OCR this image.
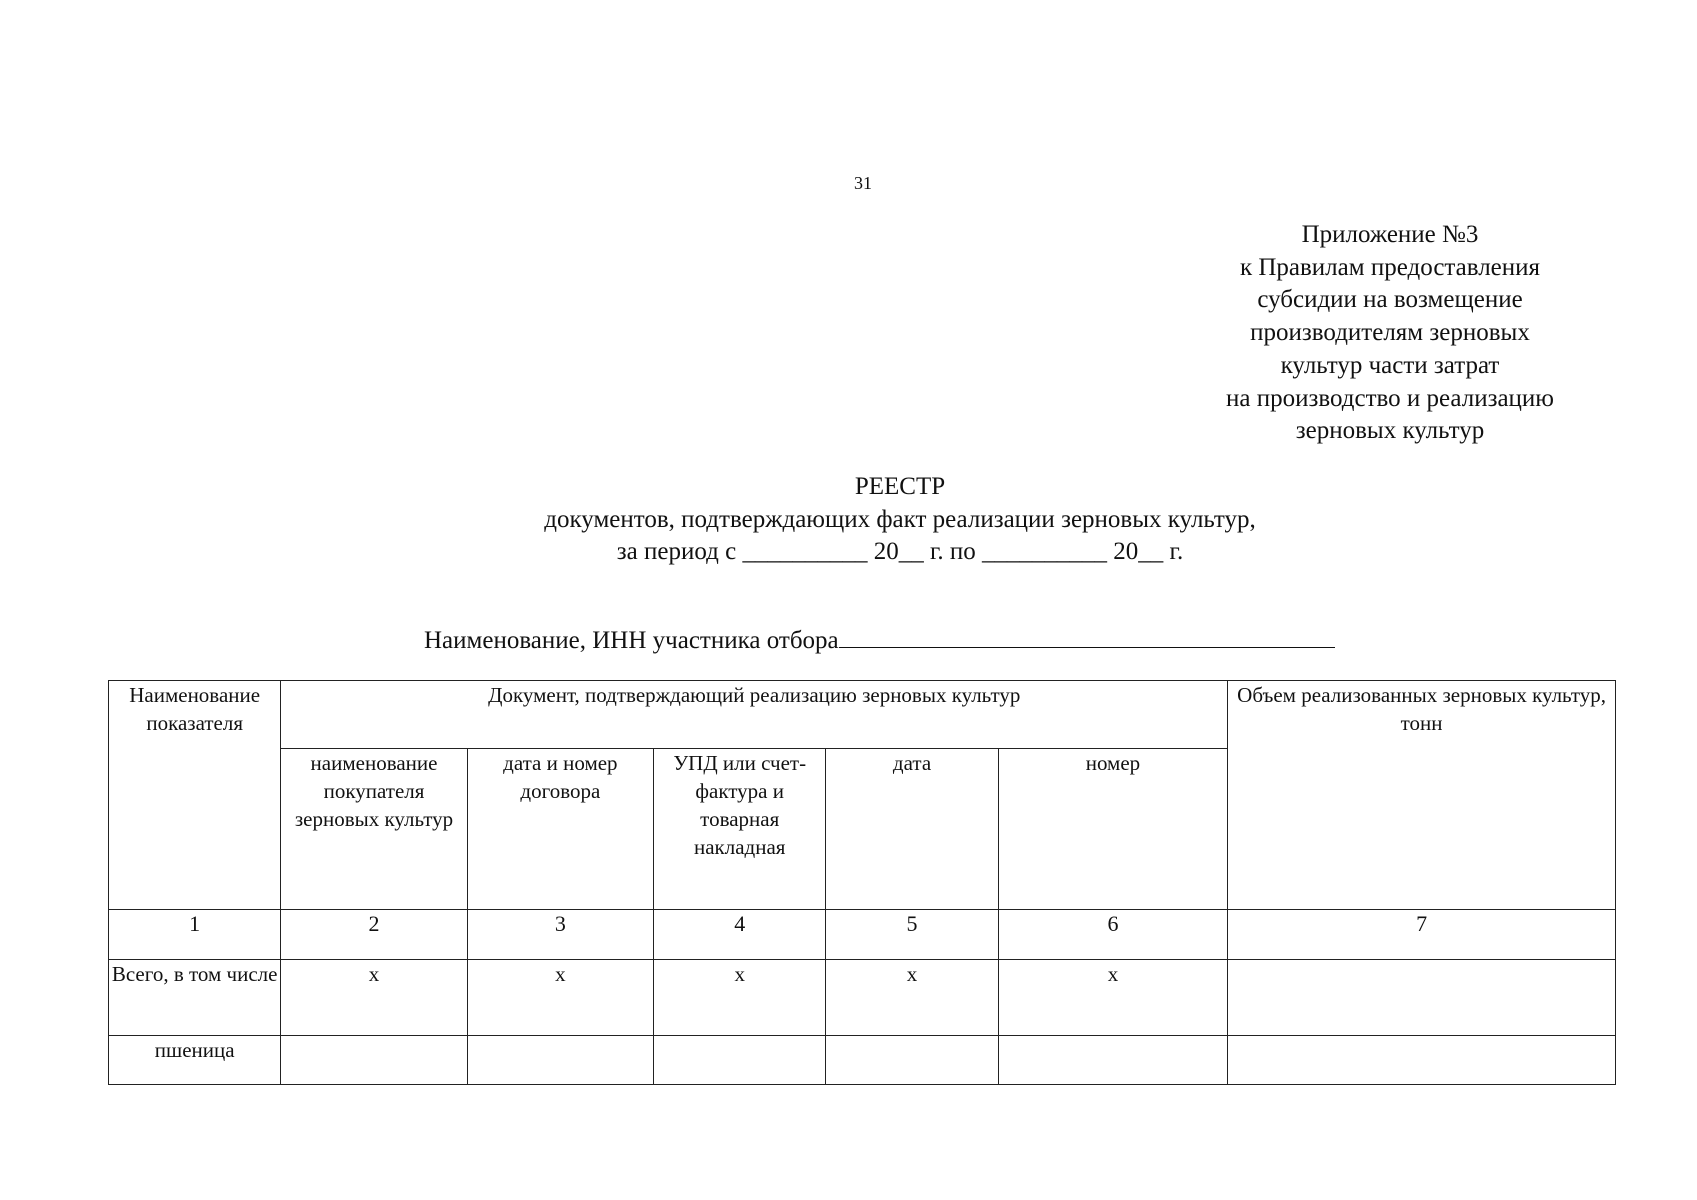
31
Приложение №3
к Правилам предоставления
субсидии на возмещение
производителям зерновых
культур части затрат
на производство и реализацию
зерновых культур
РЕЕСТР
документов, подтверждающих факт реализации зерновых культур,
за период с __________ 20__ г. по __________ 20__ г.
Наименование, ИНН участника отбора
Наименование показателя	Документ, подтверждающий реализацию зерновых культур					Объем реализованных зерновых культур, тонн
	наименование покупателя зерновых культур	дата и номер договора	УПД или счет-фактура и товарная накладная	дата	номер	
1	2	3	4	5	6	7
Всего, в том числе	х	х	х	х	х	
пшеница						
